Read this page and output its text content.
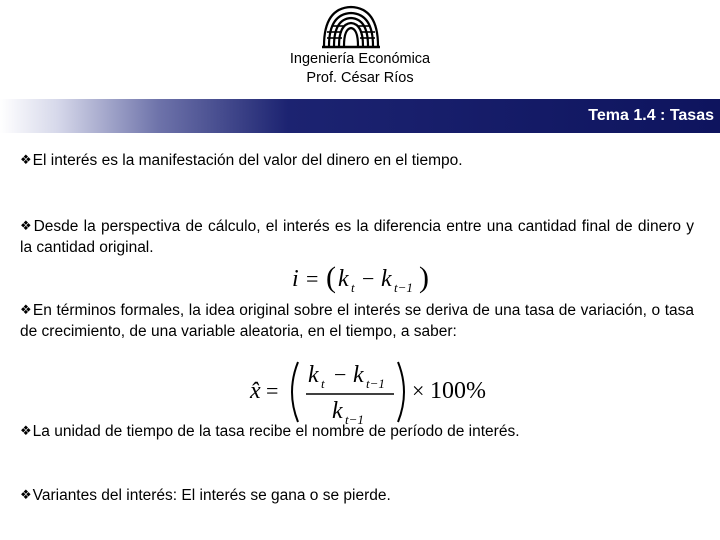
Ingeniería Económica
Prof. César Ríos
Tema 1.4 : Tasas
❖El interés es la manifestación del valor del dinero en el tiempo.
❖Desde la perspectiva de cálculo, el interés es la diferencia entre una cantidad final de dinero y la cantidad original.
i = ( k t − k t−1 )
❖En términos formales, la idea original sobre el interés se deriva de una tasa de variación, o tasa de crecimiento, de una variable aleatoria, en el tiempo, a saber:
x̂ =
k t − k t−1
k t−1
× 100%
❖La unidad de tiempo de la tasa recibe el nombre de período de interés.
❖Variantes del interés: El interés se gana o se pierde.
